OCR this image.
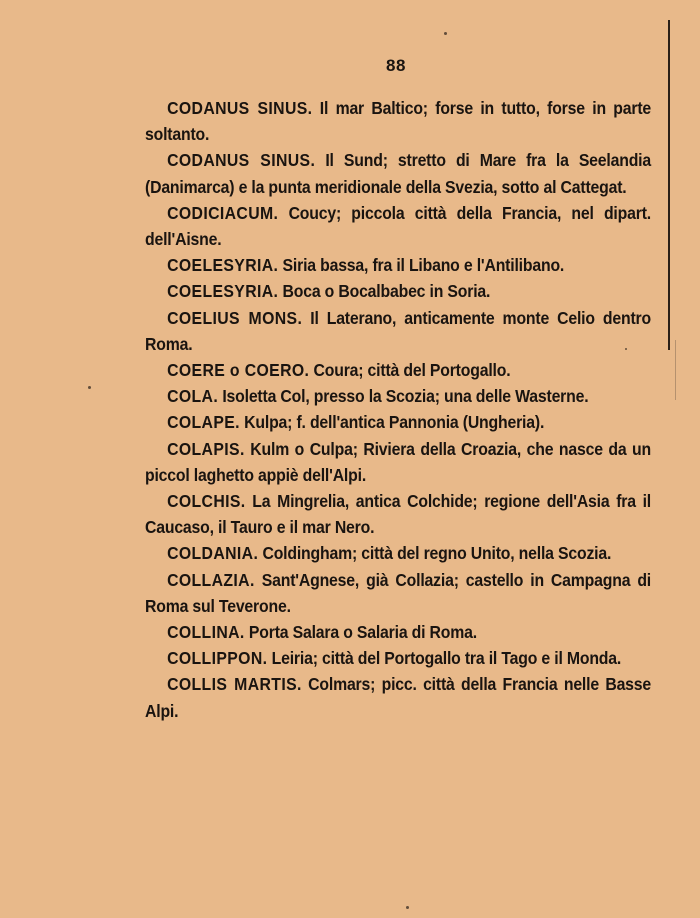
88
CODANUS SINUS. Il mar Baltico; forse in tutto, forse in parte soltanto.
CODANUS SINUS. Il Sund; stretto di Mare fra la Seelandia (Danimarca) e la punta meridionale della Svezia, sotto al Cattegat.
CODICIACUM. Coucy; piccola città della Francia, nel dipart. dell'Aisne.
COELESYRIA. Siria bassa, fra il Libano e l'Antilibano.
COELESYRIA. Boca o Bocalbabec in Soria.
COELIUS MONS. Il Laterano, anticamente monte Celio dentro Roma.
COERE o COERO. Coura; città del Portogallo.
COLA. Isoletta Col, presso la Scozia; una delle Wasterne.
COLAPE. Kulpa; f. dell'antica Pannonia (Ungheria).
COLAPIS. Kulm o Culpa; Riviera della Croazia, che nasce da un piccol laghetto appiè dell'Alpi.
COLCHIS. La Mingrelia, antica Colchide; regione dell'Asia fra il Caucaso, il Tauro e il mar Nero.
COLDANIA. Coldingham; città del regno Unito, nella Scozia.
COLLAZIA. Sant'Agnese, già Collazia; castello in Campagna di Roma sul Teverone.
COLLINA. Porta Salara o Salaria di Roma.
COLLIPPON. Leiria; città del Portogallo tra il Tago e il Monda.
COLLIS MARTIS. Colmars; picc. città della Francia nelle Basse Alpi.
